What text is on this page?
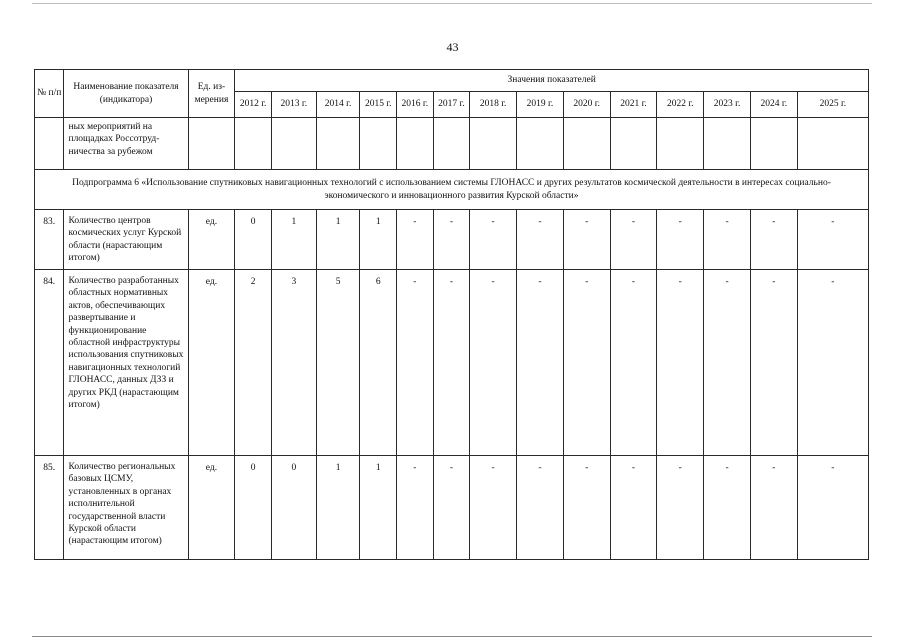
43
№ п/п	Наименование показателя (индикатора)	Ед. из-мерения	Значения показателей													
			2012 г.	2013 г.	2014 г.	2015 г.	2016 г.	2017 г.	2018 г.	2019 г.	2020 г.	2021 г.	2022 г.	2023 г.	2024 г.	2025 г.
	ных мероприятий на площадках Россотруд-ничества за рубежом															
Подпрограмма 6 «Использование спутниковых навигационных технологий с использованием системы ГЛОНАСС и других результатов космической деятельности в интересах социально-экономического и инновационного развития Курской области»																
83.	Количество центров космических услуг Курской области (нарастающим итогом)	ед.	0	1	1	1	-	-	-	-	-	-	-	-	-	-
84.	Количество разработанных областных нормативных актов, обеспечивающих развертывание и функционирование областной инфраструктуры использования спутниковых навигационных технологий ГЛОНАСС, данных ДЗЗ и других РКД (нарастающим итогом)	ед.	2	3	5	6	-	-	-	-	-	-	-	-	-	-
85.	Количество региональных базовых ЦСМУ, установленных в органах исполнительной государственной власти Курской области (нарастающим итогом)	ед.	0	0	1	1	-	-	-	-	-	-	-	-	-	-
